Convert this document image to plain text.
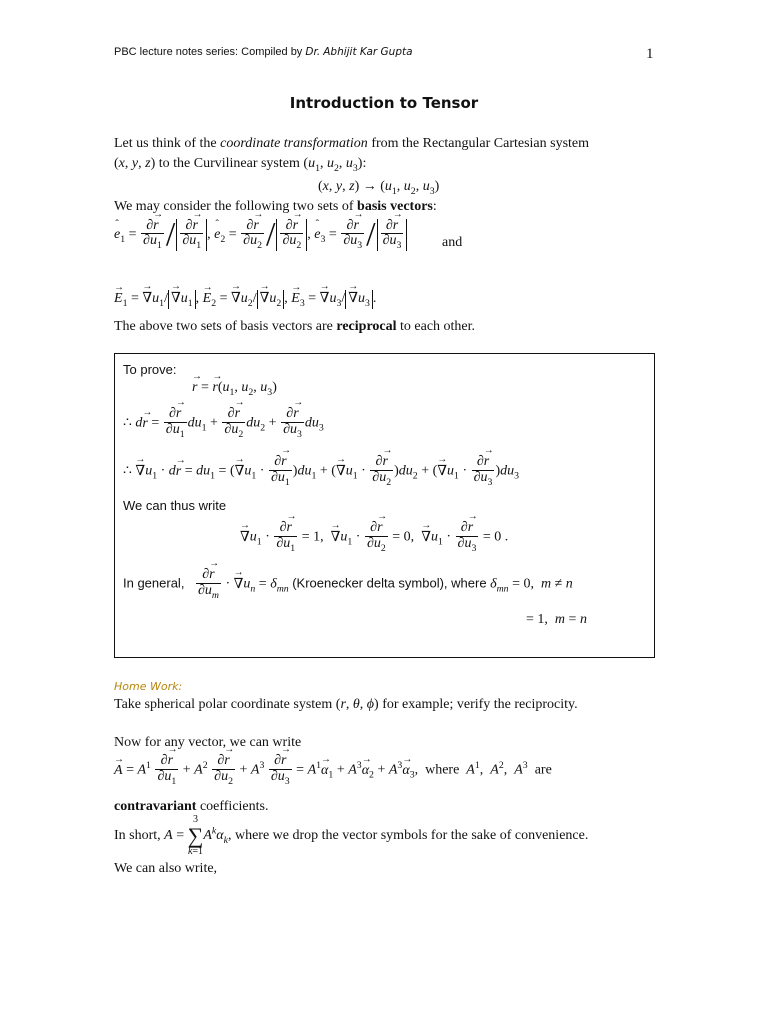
PBC lecture notes series: Compiled by Dr. Abhijit Kar Gupta	1
Introduction to Tensor
Let us think of the coordinate transformation from the Rectangular Cartesian system
(x, y, z) to the Curvilinear system ($u_1$, $u_2$, $u_3$):
(x, y, $z) \to (u_1$, $u_2$, $u_3$)
We may consider the following two sets of basis vectors:
ˆ $e_1 = \frac{\partial\to r}{\partial u_1} / \frac{\partial\to r}{\partial u_1}$ , ˆ $e_2 = \frac{\partial\to r}{\partial u_2} / \frac{\partial\to r}{\partial u_2}$ , ˆ $e_3 = \frac{\partial\to r}{\partial u_3} / \frac{\partial\to r}{\partial u_3}$	and
→ $E_1$ = → $\nabla u_1/ \to \nabla u_1$ , → $E_2$ = → $\nabla u_2/ \to \nabla u_2$ , → $E_3$ = → $\nabla u_3/ \to \nabla u_3$ .
The above two sets of basis vectors are reciprocal to each other.
To prove:
→ r = → $r(u_1$, $u_2$, $u_3$)
∴ $d\to r = \frac{\partial\to r}{\partial u_1} du_1 + \frac{\partial\to r}{\partial u_2} du_2 + \frac{\partial\to r}{\partial u_3} du_3$
∴ → $\nabla u_1 \cdot d\to r = du_1$ = (→ $\nabla u_1 \cdot \frac{\partial\to r}{\partial u_1} )du_1$ + (→ $\nabla u_1 \cdot \frac{\partial\to r}{\partial u_2} )du_2$ + (→ $\nabla u_1 \cdot \frac{\partial\to r}{\partial u_3} )du_3$
We can thus write
→ $\nabla u_1 \cdot \frac{\partial\to r}{\partial u_1} = 1$,  → $\nabla u_1 \cdot \frac{\partial\to r}{\partial u_2} = 0$,  → $\nabla u_1 \cdot \frac{\partial\to r}{\partial u_3} = 0$ .
In general, $\frac{\partial\to r}{\partial u_m}$ · → $\nabla u_n = \delta_{mn}$ (Kroenecker delta symbol), where $\delta_{mn} = 0$, m ≠ n
= 1, m = n
Home Work:
Take spherical polar coordinate system (r, θ, ϕ) for example; verify the reciprocity.
Now for any vector, we can write
→ $A = A^1 \frac{\partial\to r}{\partial u_1} + A^2 \frac{\partial\to r}{\partial u_2} + A^3 \frac{\partial\to r}{\partial u_3} = A^1\to \alpha_1 + A^3\to \alpha_2 + A^3\to \alpha_3$,  where $A^1$,  $A^2$,  $A^3$ are
contravariant coefficients.
In short, A =
3
∑
k=1
$A^k\alpha_k$, where we drop the vector symbols for the sake of convenience.
We can also write,
